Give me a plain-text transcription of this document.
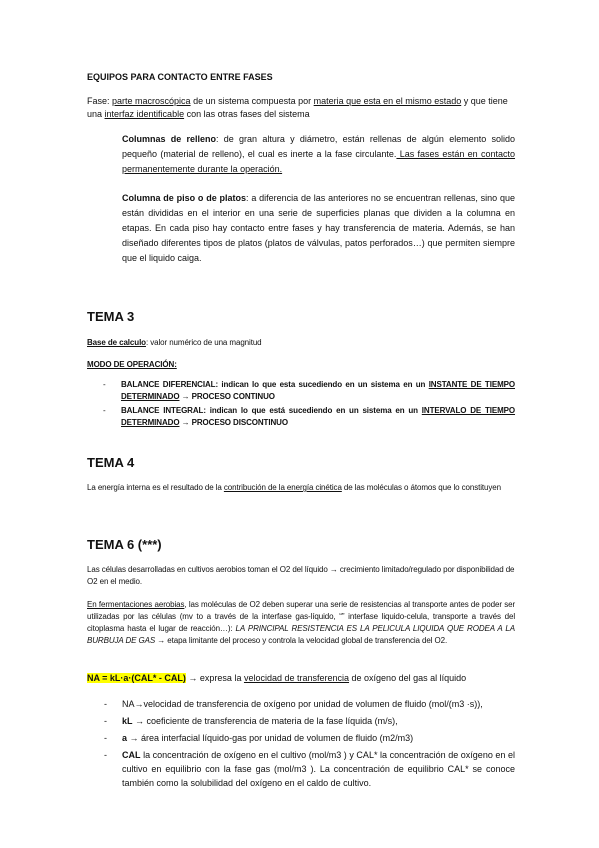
EQUIPOS PARA CONTACTO ENTRE FASES
Fase: parte macroscópica de un sistema compuesta por materia que esta en el mismo estado y que tiene una interfaz identificable con las otras fases del sistema
Columnas de relleno: de gran altura y diámetro, están rellenas de algún elemento solido pequeño (material de relleno), el cual es inerte a la fase circulante. Las fases están en contacto permanentemente durante la operación.
Columna de piso o de platos: a diferencia de las anteriores no se encuentran rellenas, sino que están divididas en el interior en una serie de superficies planas que dividen a la columna en etapas. En cada piso hay contacto entre fases y hay transferencia de materia. Además, se han diseñado diferentes tipos de platos (platos de válvulas, patos perforados…) que permiten siempre que el liquido caiga.
TEMA 3
Base de calculo: valor numérico de una magnitud
MODO DE OPERACIÓN:
- BALANCE DIFERENCIAL: indican lo que esta sucediendo en un sistema en un INSTANTE DE TIEMPO DETERMINADO → PROCESO CONTINUO
- BALANCE INTEGRAL: indican lo que está sucediendo en un sistema en un INTERVALO DE TIEMPO DETERMINADO → PROCESO DISCONTINUO
TEMA 4
La energía interna es el resultado de la contribución de la energía cinética de las moléculas o átomos que lo constituyen
TEMA 6 (***)
Las células desarrolladas en cultivos aerobios toman el O2 del líquido → crecimiento limitado/regulado por disponibilidad de O2 en el medio.
En fermentaciones aerobias, las moléculas de O2 deben superar una serie de resistencias al transporte antes de poder ser utilizadas por las células (mv to a través de la interfase gas-líquido, “” interfase liquido-celula, transporte a través del citoplasma hasta el lugar de reacción…): LA PRINCIPAL RESISTENCIA ES LA PELICULA LIQUIDA QUE RODEA A LA BURBUJA DE GAS → etapa limitante del proceso y controla la velocidad global de transferencia del O2.
NA = kL·a·(CAL* - CAL) → expresa la velocidad de transferencia de oxígeno del gas al líquido
- NA→velocidad de transferencia de oxígeno por unidad de volumen de fluido (mol/(m3 ·s)),
- kL → coeficiente de transferencia de materia de la fase líquida (m/s),
- a → área interfacial líquido-gas por unidad de volumen de fluido (m2/m3)
- CAL la concentración de oxígeno en el cultivo (mol/m3 ) y CAL* la concentración de oxígeno en el cultivo en equilibrio con la fase gas (mol/m3 ). La concentración de equilibrio CAL* se conoce también como la solubilidad del oxígeno en el caldo de cultivo.
